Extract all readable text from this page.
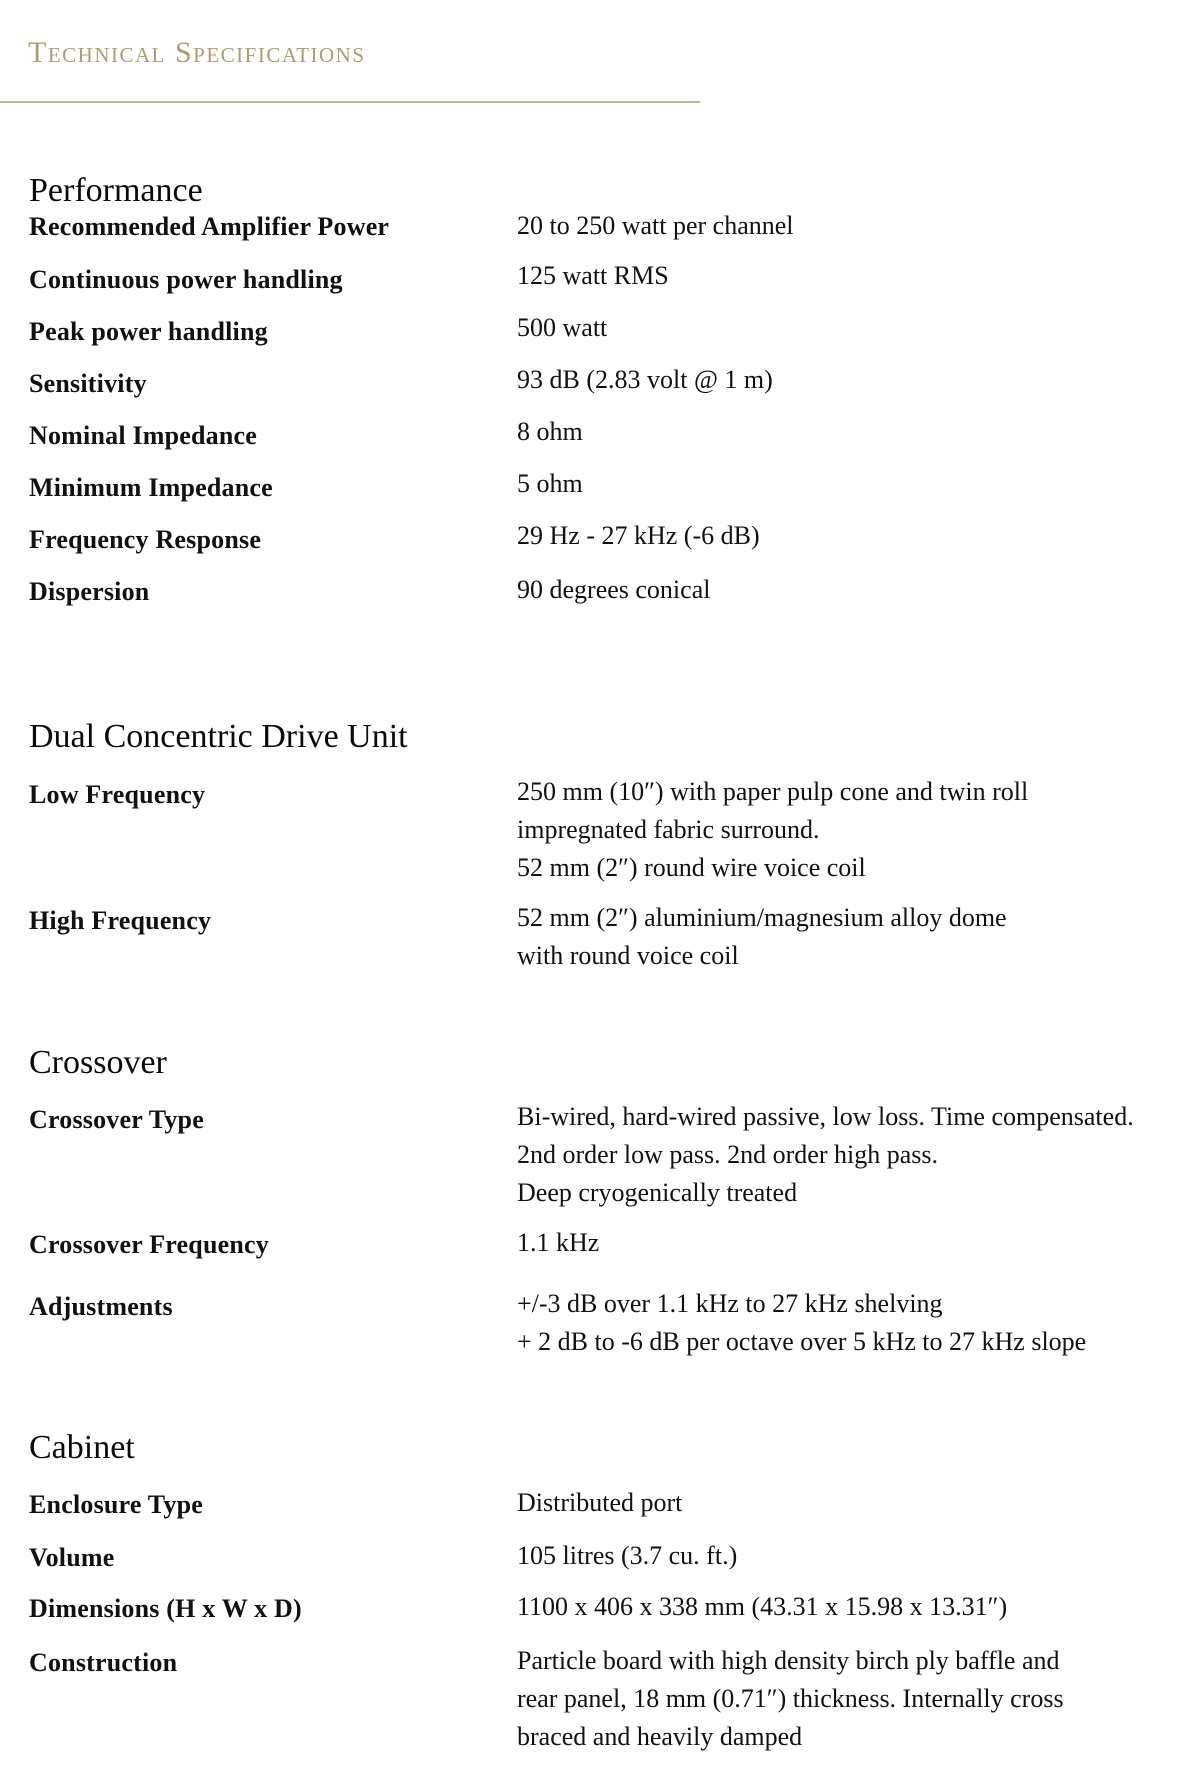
Technical Specifications
Performance
Recommended Amplifier Power	20 to 250 watt per channel
Continuous power handling	125 watt RMS
Peak power handling	500 watt
Sensitivity	93 dB (2.83 volt @ 1 m)
Nominal Impedance	8 ohm
Minimum Impedance	5 ohm
Frequency Response	29 Hz - 27 kHz (-6 dB)
Dispersion	90 degrees conical
Dual Concentric Drive Unit
Low Frequency	250 mm (10″) with paper pulp cone and twin roll
impregnated fabric surround.
52 mm (2″) round wire voice coil
High Frequency	52 mm (2″) aluminium/magnesium alloy dome
with round voice coil
Crossover
Crossover Type	Bi-wired, hard-wired passive, low loss. Time compensated.
2nd order low pass. 2nd order high pass.
Deep cryogenically treated
Crossover Frequency	1.1 kHz
Adjustments	+/-3 dB over 1.1 kHz to 27 kHz shelving
+ 2 dB to -6 dB per octave over 5 kHz to 27 kHz slope
Cabinet
Enclosure Type	Distributed port
Volume	105 litres (3.7 cu. ft.)
Dimensions (H x W x D)	1100 x 406 x 338 mm (43.31 x 15.98 x 13.31″)
Construction	Particle board with high density birch ply baffle and
rear panel, 18 mm (0.71″) thickness. Internally cross
braced and heavily damped
